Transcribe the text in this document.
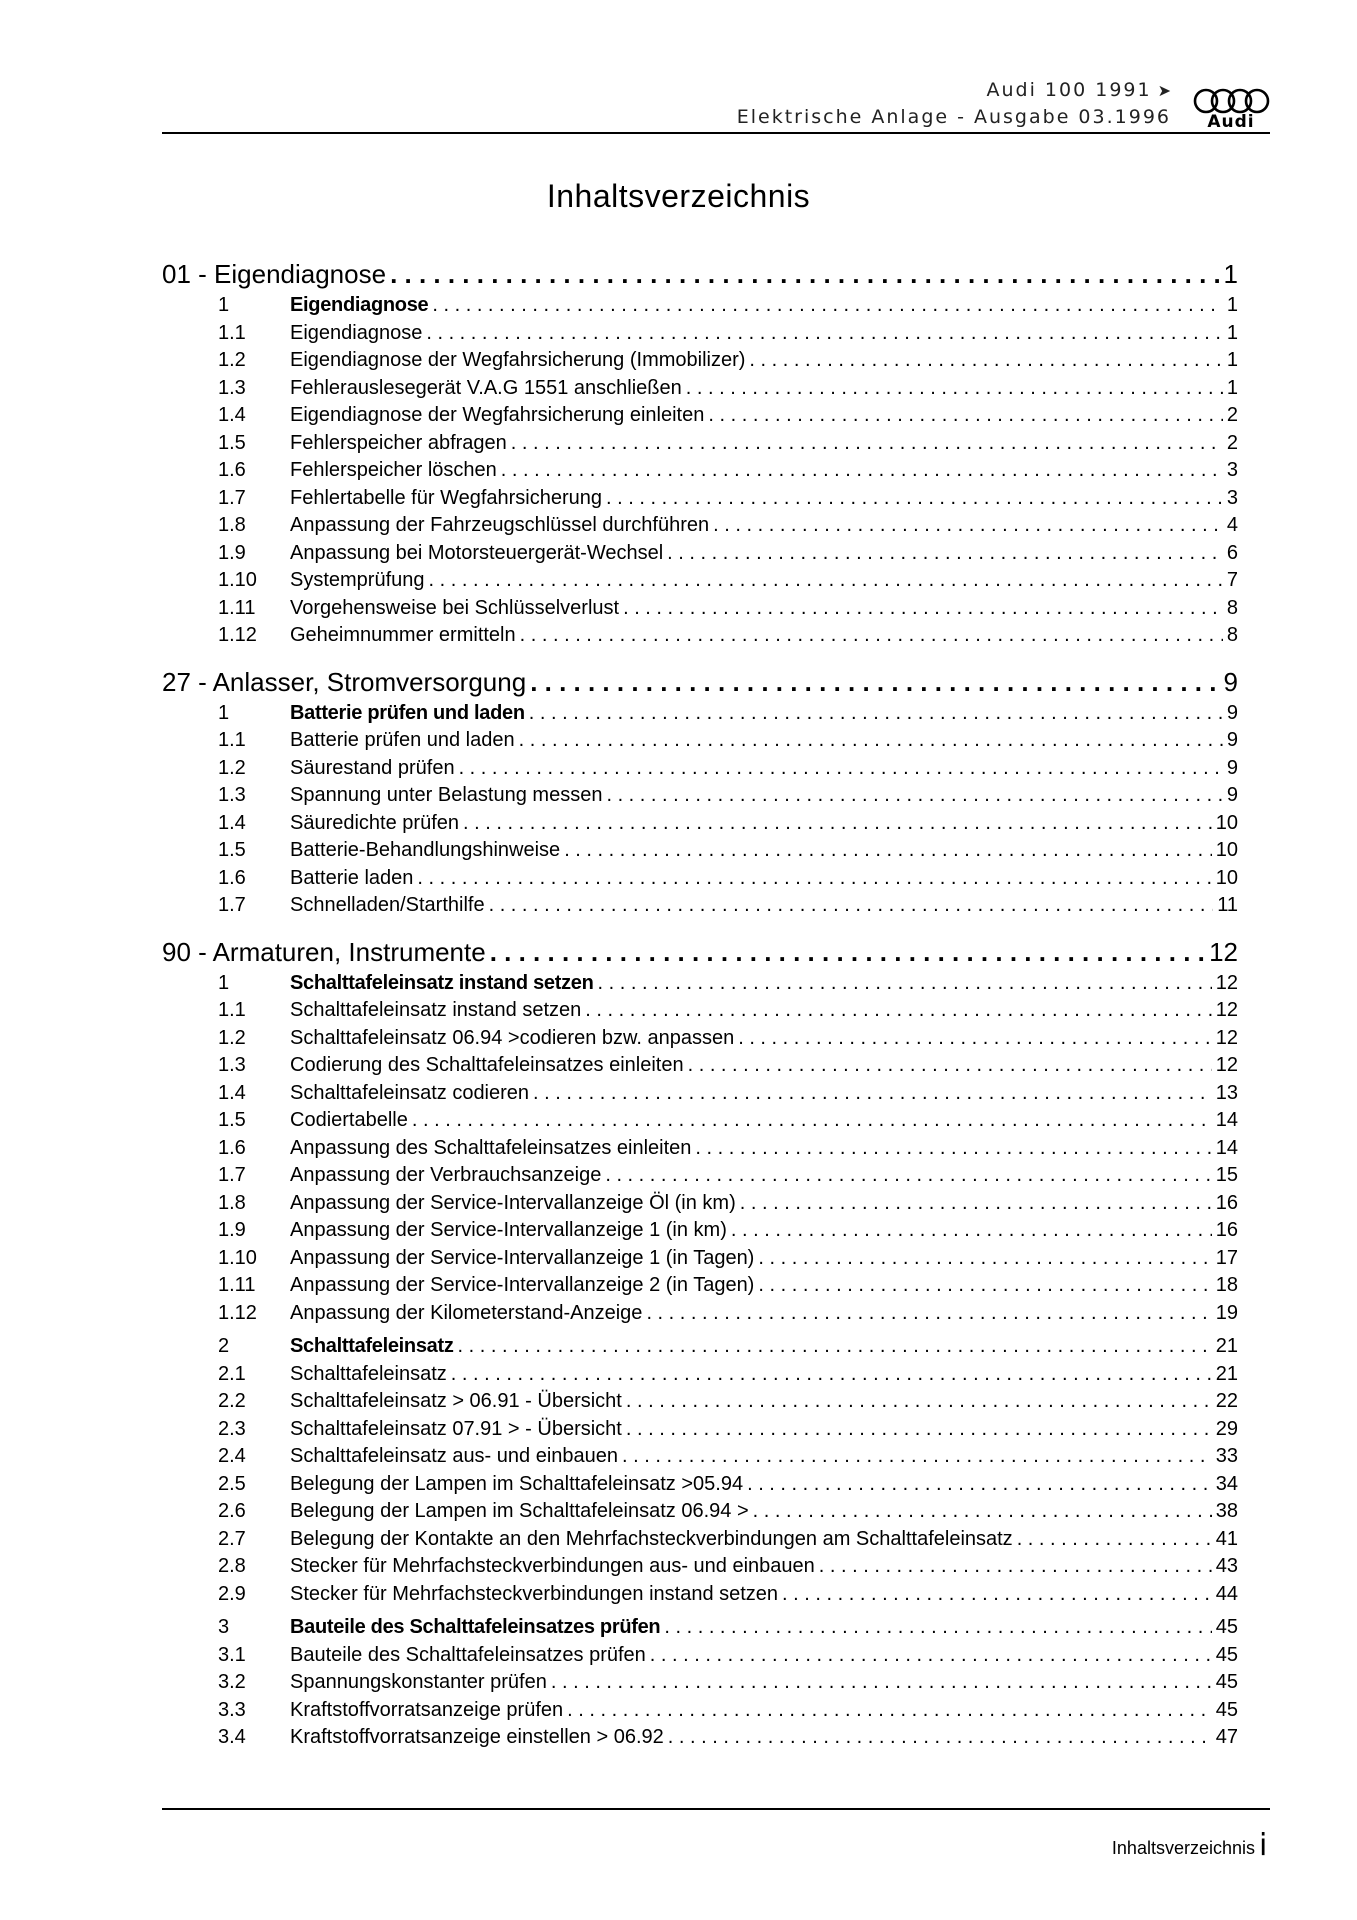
Audi 100 1991 ➤
Elektrische Anlage - Ausgabe 03.1996	Audi
Inhaltsverzeichnis
01 - Eigendiagnose . . .	1
1	Eigendiagnose . . .	1
1.1	Eigendiagnose . . .	1
1.2	Eigendiagnose der Wegfahrsicherung (Immobilizer) . . .	1
1.3	Fehlerauslesegerät V.A.G 1551 anschließen . . .	1
1.4	Eigendiagnose der Wegfahrsicherung einleiten . . .	2
1.5	Fehlerspeicher abfragen . . .	2
1.6	Fehlerspeicher löschen . . .	3
1.7	Fehlertabelle für Wegfahrsicherung . . .	3
1.8	Anpassung der Fahrzeugschlüssel durchführen . . .	4
1.9	Anpassung bei Motorsteuergerät-Wechsel . . .	6
1.10	Systemprüfung . . .	7
1.11	Vorgehensweise bei Schlüsselverlust . . .	8
1.12	Geheimnummer ermitteln . . .	8
27 - Anlasser, Stromversorgung . . .	9
1	Batterie prüfen und laden . . .	9
1.1	Batterie prüfen und laden . . .	9
1.2	Säurestand prüfen . . .	9
1.3	Spannung unter Belastung messen . . .	9
1.4	Säuredichte prüfen . . .	10
1.5	Batterie-Behandlungshinweise . . .	10
1.6	Batterie laden . . .	10
1.7	Schnelladen/Starthilfe . . .	11
90 - Armaturen, Instrumente . . .	12
1	Schalttafeleinsatz instand setzen . . .	12
1.1	Schalttafeleinsatz instand setzen . . .	12
1.2	Schalttafeleinsatz 06.94 >codieren bzw. anpassen . . .	12
1.3	Codierung des Schalttafeleinsatzes einleiten . . .	12
1.4	Schalttafeleinsatz codieren . . .	13
1.5	Codiertabelle . . .	14
1.6	Anpassung des Schalttafeleinsatzes einleiten . . .	14
1.7	Anpassung der Verbrauchsanzeige . . .	15
1.8	Anpassung der Service-Intervallanzeige Öl (in km) . . .	16
1.9	Anpassung der Service-Intervallanzeige 1 (in km) . . .	16
1.10	Anpassung der Service-Intervallanzeige 1 (in Tagen) . . .	17
1.11	Anpassung der Service-Intervallanzeige 2 (in Tagen) . . .	18
1.12	Anpassung der Kilometerstand-Anzeige . . .	19
2	Schalttafeleinsatz . . .	21
2.1	Schalttafeleinsatz . . .	21
2.2	Schalttafeleinsatz > 06.91 - Übersicht . . .	22
2.3	Schalttafeleinsatz 07.91 > - Übersicht . . .	29
2.4	Schalttafeleinsatz aus- und einbauen . . .	33
2.5	Belegung der Lampen im Schalttafeleinsatz >05.94 . . .	34
2.6	Belegung der Lampen im Schalttafeleinsatz 06.94 > . . .	38
2.7	Belegung der Kontakte an den Mehrfachsteckverbindungen am Schalttafeleinsatz . . .	41
2.8	Stecker für Mehrfachsteckverbindungen aus- und einbauen . . .	43
2.9	Stecker für Mehrfachsteckverbindungen instand setzen . . .	44
3	Bauteile des Schalttafeleinsatzes prüfen . . .	45
3.1	Bauteile des Schalttafeleinsatzes prüfen . . .	45
3.2	Spannungskonstanter prüfen . . .	45
3.3	Kraftstoffvorratsanzeige prüfen . . .	45
3.4	Kraftstoffvorratsanzeige einstellen > 06.92 . . .	47
Inhaltsverzeichnis i
